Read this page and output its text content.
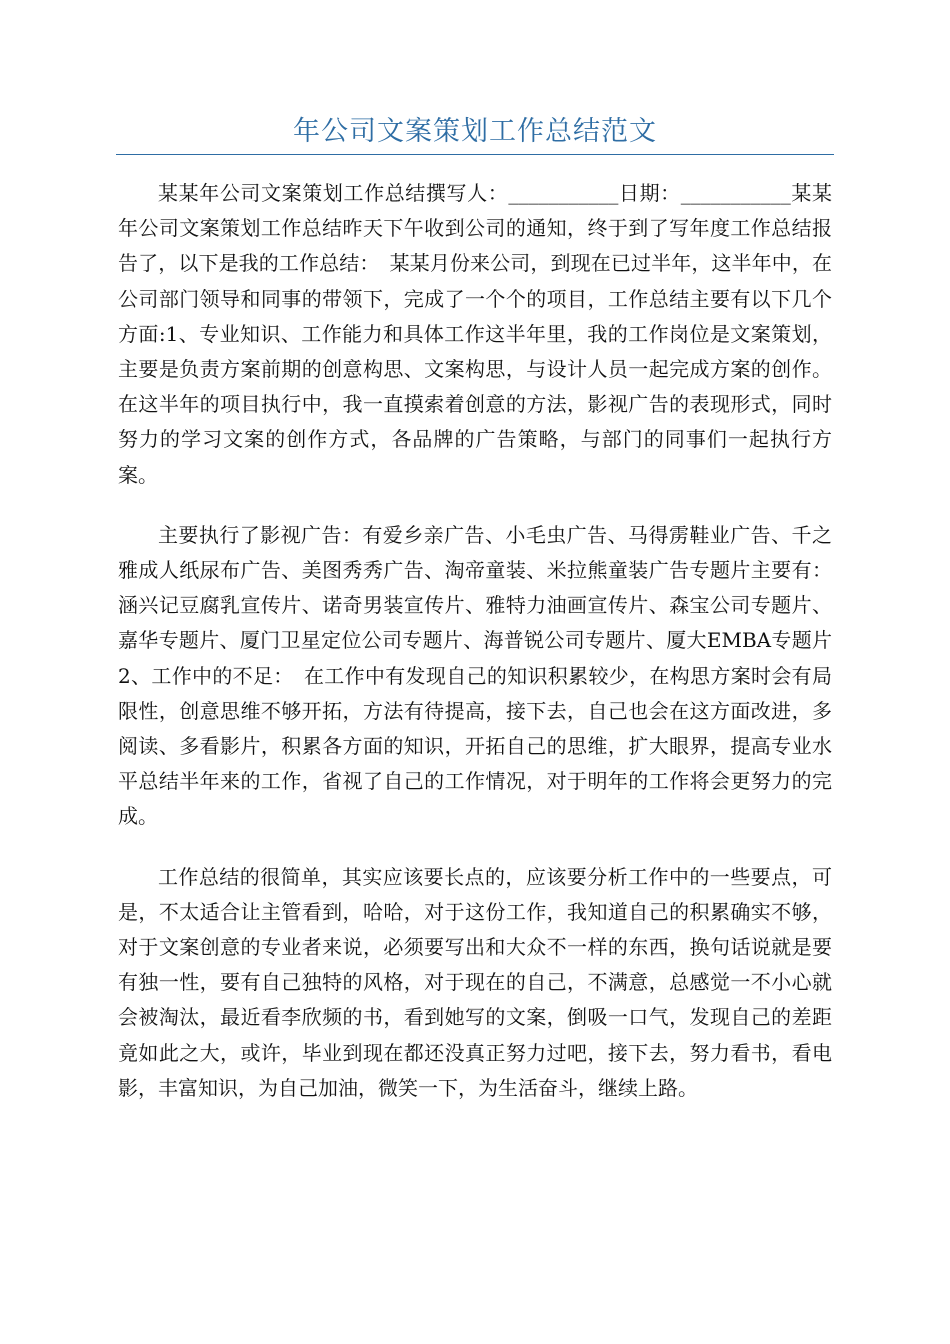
年公司文案策划工作总结范文

某某年公司文案策划工作总结撰写人：___________日期：___________某某年公司文案策划工作总结昨天下午收到公司的通知，终于到了写年度工作总结报告了，以下是我的工作总结：　某某月份来公司，到现在已过半年，这半年中，在公司部门领导和同事的带领下，完成了一个个的项目，工作总结主要有以下几个方面:1、专业知识、工作能力和具体工作这半年里，我的工作岗位是文案策划，主要是负责方案前期的创意构思、文案构思，与设计人员一起完成方案的创作。在这半年的项目执行中，我一直摸索着创意的方法，影视广告的表现形式，同时努力的学习文案的创作方式，各品牌的广告策略，与部门的同事们一起执行方案。

主要执行了影视广告：有爱乡亲广告、小毛虫广告、马得雳鞋业广告、千之雅成人纸尿布广告、美图秀秀广告、淘帝童装、米拉熊童装广告专题片主要有：涵兴记豆腐乳宣传片、诺奇男装宣传片、雅特力油画宣传片、森宝公司专题片、嘉华专题片、厦门卫星定位公司专题片、海普锐公司专题片、厦大EMBA专题片2、工作中的不足：　在工作中有发现自己的知识积累较少，在构思方案时会有局限性，创意思维不够开拓，方法有待提高，接下去，自己也会在这方面改进，多阅读、多看影片，积累各方面的知识，开拓自己的思维，扩大眼界，提高专业水平总结半年来的工作，省视了自己的工作情况，对于明年的工作将会更努力的完成。

工作总结的很简单，其实应该要长点的，应该要分析工作中的一些要点，可是，不太适合让主管看到，哈哈，对于这份工作，我知道自己的积累确实不够，对于文案创意的专业者来说，必须要写出和大众不一样的东西，换句话说就是要有独一性，要有自己独特的风格，对于现在的自己，不满意，总感觉一不小心就会被淘汰，最近看李欣频的书，看到她写的文案，倒吸一口气，发现自己的差距竟如此之大，或许，毕业到现在都还没真正努力过吧，接下去，努力看书，看电影，丰富知识，为自己加油，微笑一下，为生活奋斗，继续上路。
